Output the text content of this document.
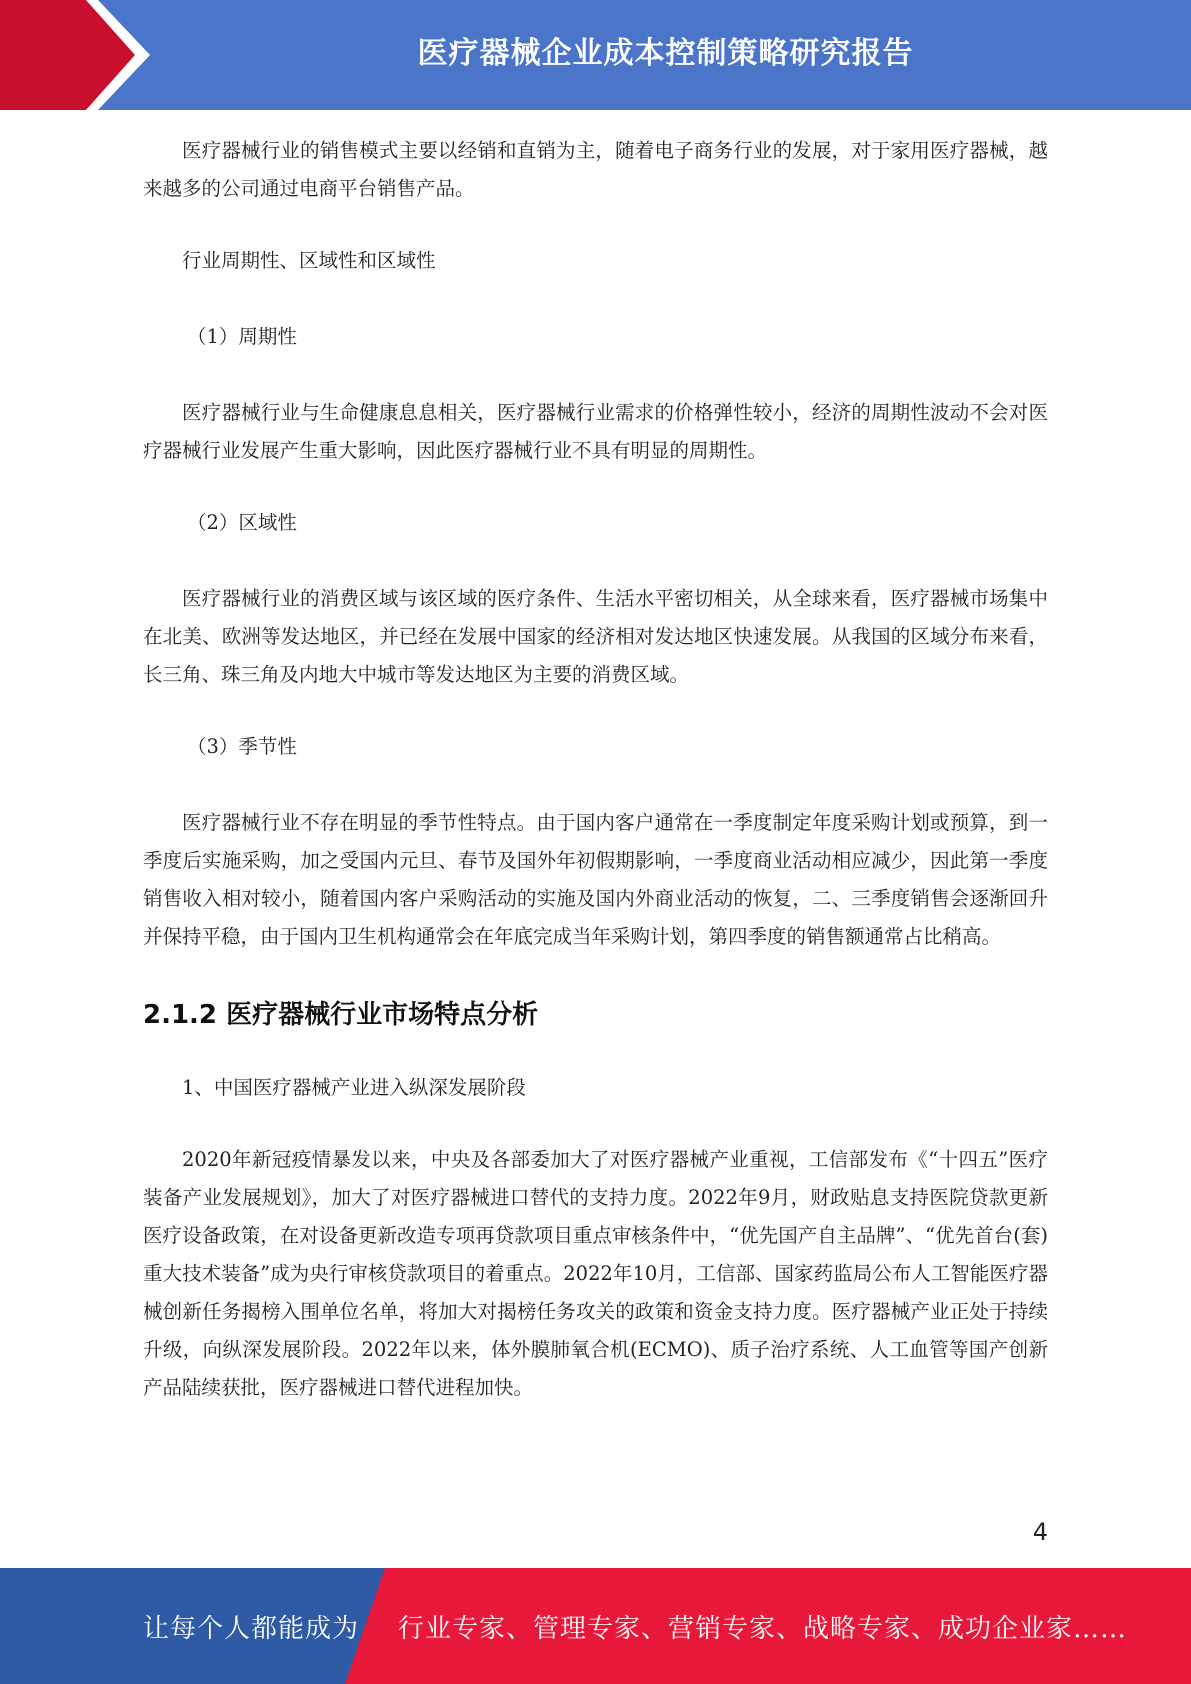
医疗器械企业成本控制策略研究报告

医疗器械行业的销售模式主要以经销和直销为主，随着电子商务行业的发展，对于家用医疗器械，越来越多的公司通过电商平台销售产品。

行业周期性、区域性和区域性

（1）周期性

医疗器械行业与生命健康息息相关，医疗器械行业需求的价格弹性较小，经济的周期性波动不会对医疗器械行业发展产生重大影响，因此医疗器械行业不具有明显的周期性。

（2）区域性

医疗器械行业的消费区域与该区域的医疗条件、生活水平密切相关，从全球来看，医疗器械市场集中在北美、欧洲等发达地区，并已经在发展中国家的经济相对发达地区快速发展。从我国的区域分布来看，长三角、珠三角及内地大中城市等发达地区为主要的消费区域。

（3）季节性

医疗器械行业不存在明显的季节性特点。由于国内客户通常在一季度制定年度采购计划或预算，到一季度后实施采购，加之受国内元旦、春节及国外年初假期影响，一季度商业活动相应减少，因此第一季度销售收入相对较小，随着国内客户采购活动的实施及国内外商业活动的恢复，二、三季度销售会逐渐回升并保持平稳，由于国内卫生机构通常会在年底完成当年采购计划，第四季度的销售额通常占比稍高。

2.1.2 医疗器械行业市场特点分析

1、中国医疗器械产业进入纵深发展阶段

2020年新冠疫情暴发以来，中央及各部委加大了对医疗器械产业重视，工信部发布《“十四五”医疗装备产业发展规划》，加大了对医疗器械进口替代的支持力度。2022年9月，财政贴息支持医院贷款更新医疗设备政策，在对设备更新改造专项再贷款项目重点审核条件中，“优先国产自主品牌”、“优先首台(套)重大技术装备”成为央行审核贷款项目的着重点。2022年10月，工信部、国家药监局公布人工智能医疗器械创新任务揭榜入围单位名单，将加大对揭榜任务攻关的政策和资金支持力度。医疗器械产业正处于持续升级，向纵深发展阶段。2022年以来，体外膜肺氧合机(ECMO)、质子治疗系统、人工血管等国产创新产品陆续获批，医疗器械进口替代进程加快。

4
让每个人都能成为 行业专家、管理专家、营销专家、战略专家、成功企业家……
